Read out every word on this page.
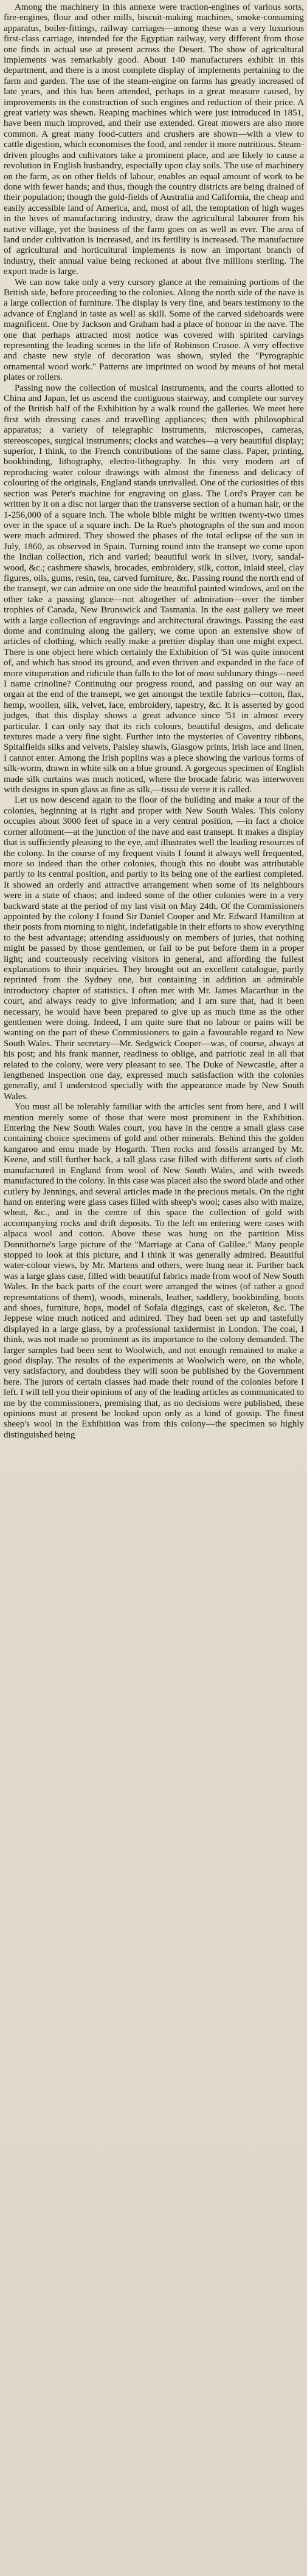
Among the machinery in this annexe were traction-engines of various sorts, fire-engines, flour and other mills, biscuit-making machines, smoke-consuming apparatus, boiler-fittings, railway carriages—among these was a very luxurious first-class carriage, intended for the Egyptian railway, very different from those one finds in actual use at present across the Desert. The show of agricultural implements was remarkably good. About 140 manufacturers exhibit in this department, and there is a most complete display of implements pertaining to the farm and garden. The use of the steam-engine on farms has greatly increased of late years, and this has been attended, perhaps in a great measure caused, by improvements in the construction of such engines and reduction of their price. A great variety was shewn. Reaping machines which were just introduced in 1851, have been much improved, and their use extended. Great mowers are also more common. A great many food-cutters and crushers are shown—with a view to cattle digestion, which economises the food, and render it more nutritious. Steam-driven ploughs and cultivators take a prominent place, and are likely to cause a revolution in English husbandry, especially upon clay soils. The use of machinery on the farm, as on other fields of labour, enables an equal amount of work to be done with fewer hands; and thus, though the country districts are being drained of their population; though the gold-fields of Australia and California, the cheap and easily accessible land of America, and, most of all, the temptation of high wages in the hives of manufacturing industry, draw the agricultural labourer from his native village, yet the business of the farm goes on as well as ever. The area of land under cultivation is increased, and its fertility is increased. The manufacture of agricultural and horticultural implements is now an important branch of industry, their annual value being reckoned at about five millions sterling. The export trade is large.

We can now take only a very cursory glance at the remaining portions of the British side, before proceeding to the colonies. Along the north side of the nave is a large collection of furniture. The display is very fine, and bears testimony to the advance of England in taste as well as skill. Some of the carved sideboards were magnificent. One by Jackson and Graham had a place of honour in the nave. The one that perhaps attracted most notice was covered with spirited carvings representing the leading scenes in the life of Robinson Crusoe. A very effective and chaste new style of decoration was shown, styled the "Pyrographic ornamental wood work." Patterns are imprinted on wood by means of hot metal plates or rollers.

Passing now the collection of musical instruments, and the courts allotted to China and Japan, let us ascend the contiguous stairway, and complete our survey of the British half of the Exhibition by a walk round the galleries. We meet here first with dressing cases and travelling appliances; then with philosophical apparatus; a variety of telegraphic instruments, microscopes, cameras, stereoscopes, surgical instruments; clocks and watches—a very beautiful display; superior, I think, to the French contributions of the same class. Paper, printing, bookbinding, lithography, electro-lithography. In this very modern art of reproducing water colour drawings with almost the fineness and delicacy of colouring of the originals, England stands unrivalled. One of the curiosities of this section was Peter's machine for engraving on glass. The Lord's Prayer can be written by it on a disc not larger than the transverse section of a human hair, or the 1-256,000 of a square inch. The whole bible might be written twenty-two times over in the space of a square inch. De la Rue's photographs of the sun and moon were much admired. They showed the phases of the total eclipse of the sun in July, 1860, as observed in Spain. Turning round into the transept we come upon the Indian collection, rich and varied; beautiful work in silver, ivory, sandal-wood, &c.; cashmere shawls, brocades, embroidery, silk, cotton, inlaid steel, clay figures, oils, gums, resin, tea, carved furniture, &c. Passing round the north end of the transept, we can admire on one side the beautiful painted windows, and on the other take a passing glance—not altogether of admiration—over the timber trophies of Canada, New Brunswick and Tasmania. In the east gallery we meet with a large collection of engravings and architectural drawings. Passing the east dome and continuing along the gallery, we come upon an extensive show of articles of clothing, which really make a prettier display than one might expect. There is one object here which certainly the Exhibition of '51 was quite innocent of, and which has stood its ground, and even thriven and expanded in the face of more vituperation and ridicule than falls to the lot of most sublunary things—need I name crinoline? Continuing our progress round, and passing on our way an organ at the end of the transept, we get amongst the textile fabrics—cotton, flax, hemp, woollen, silk, velvet, lace, embroidery, tapestry, &c. It is asserted by good judges, that this display shows a great advance since '51 in almost every particular. I can only say that its rich colours, beautiful designs, and delicate textures made a very fine sight. Further into the mysteries of Coventry ribbons, Spitalfields silks and velvets, Paisley shawls, Glasgow prints, Irish lace and linen, I cannot enter. Among the Irish poplins was a piece showing the various forms of silk-worm, drawn in white silk on a blue ground. A gorgeous specimen of English made silk curtains was much noticed, where the brocade fabric was interwoven with designs in spun glass as fine as silk,—tissu de verre it is called.

Let us now descend again to the floor of the building and make a tour of the colonies, beginning at is right and proper with New South Wales. This colony occupies about 3000 feet of space in a very central position, —in fact a choice corner allotment—at the junction of the nave and east transept. It makes a display that is sufficiently pleasing to the eye, and illustrates well the leading resources of the colony. In the course of my frequent visits I found it always well frequented, more so indeed than the other colonies, though this no doubt was attributable partly to its central position, and partly to its being one of the earliest completed. It showed an orderly and attractive arrangement when some of its neighbours were in a state of chaos; and indeed some of the other colonies were in a very backward state at the period of my last visit on May 24th. Of the Commissioners appointed by the colony I found Sir Daniel Cooper and Mr. Edward Hamilton at their posts from morning to night, indefatigable in their efforts to show everything to the best advantage; attending assiduously on members of juries, that nothing might be passed by those gentlemen, or fail to be put before them in a proper light; and courteously receiving visitors in general, and affording the fullest explanations to their inquiries. They brought out an excellent catalogue, partly reprinted from the Sydney one, but containing in addition an admirable introductory chapter of statistics. I often met with Mr. James Macarthur in the court, and always ready to give information; and I am sure that, had it been necessary, he would have been prepared to give up as much time as the other gentlemen were doing. Indeed, I am quite sure that no labour or pains will be wanting on the part of these Commissioners to gain a favourable regard to New South Wales. Their secretary—Mr. Sedgwick Cooper—was, of course, always at his post; and his frank manner, readiness to oblige, and patriotic zeal in all that related to the colony, were very pleasant to see. The Duke of Newcastle, after a lengthened inspection one day, expressed much satisfaction with the colonies generally, and I understood specially with the appearance made by New South Wales.

You must all be tolerably familiar with the articles sent from here, and I will mention merely some of those that were most prominent in the Exhibition. Entering the New South Wales court, you have in the centre a small glass case containing choice specimens of gold and other minerals. Behind this the golden kangaroo and emu made by Hogarth. Then rocks and fossils arranged by Mr. Keene, and still further back, a tall glass case filled with different sorts of cloth manufactured in England from wool of New South Wales, and with tweeds manufactured in the colony. In this case was placed also the sword blade and other cutlery by Jennings, and several articles made in the precious metals. On the right hand on entering were glass cases filled with sheep's wool; cases also with maize, wheat, &c., and in the centre of this space the collection of gold with accompanying rocks and drift deposits. To the left on entering were cases with alpaca wool and cotton. Above these was hung on the partition Miss Donnithorne's large picture of the "Marriage at Cana of Galilee." Many people stopped to look at this picture, and I think it was generally admired. Beautiful water-colour views, by Mr. Martens and others, were hung near it. Further back was a large glass case, filled with beautiful fabrics made from wool of New South Wales. In the back parts of the court were arranged the wines (of rather a good representations of them), woods, minerals, leather, saddlery, bookbinding, boots and shoes, furniture, hops, model of Sofala diggings, cast of skeleton, &c. The Jeppese wine much noticed and admired. They had been set up and tastefully displayed in a large glass, by a professional taxidermist in London. The coal, I think, was not made so prominent as its importance to the colony demanded. The larger samples had been sent to Woolwich, and not enough remained to make a good display. The results of the experiments at Woolwich were, on the whole, very satisfactory, and doubtless they will soon be published by the Government here. The jurors of certain classes had made their round of the colonies before I left. I will tell you their opinions of any of the leading articles as communicated to me by the commissioners, premising that, as no decisions were published, these opinions must at present be looked upon only as a kind of gossip. The finest sheep's wool in the Exhibition was from this colony—the specimen so highly distinguished being
